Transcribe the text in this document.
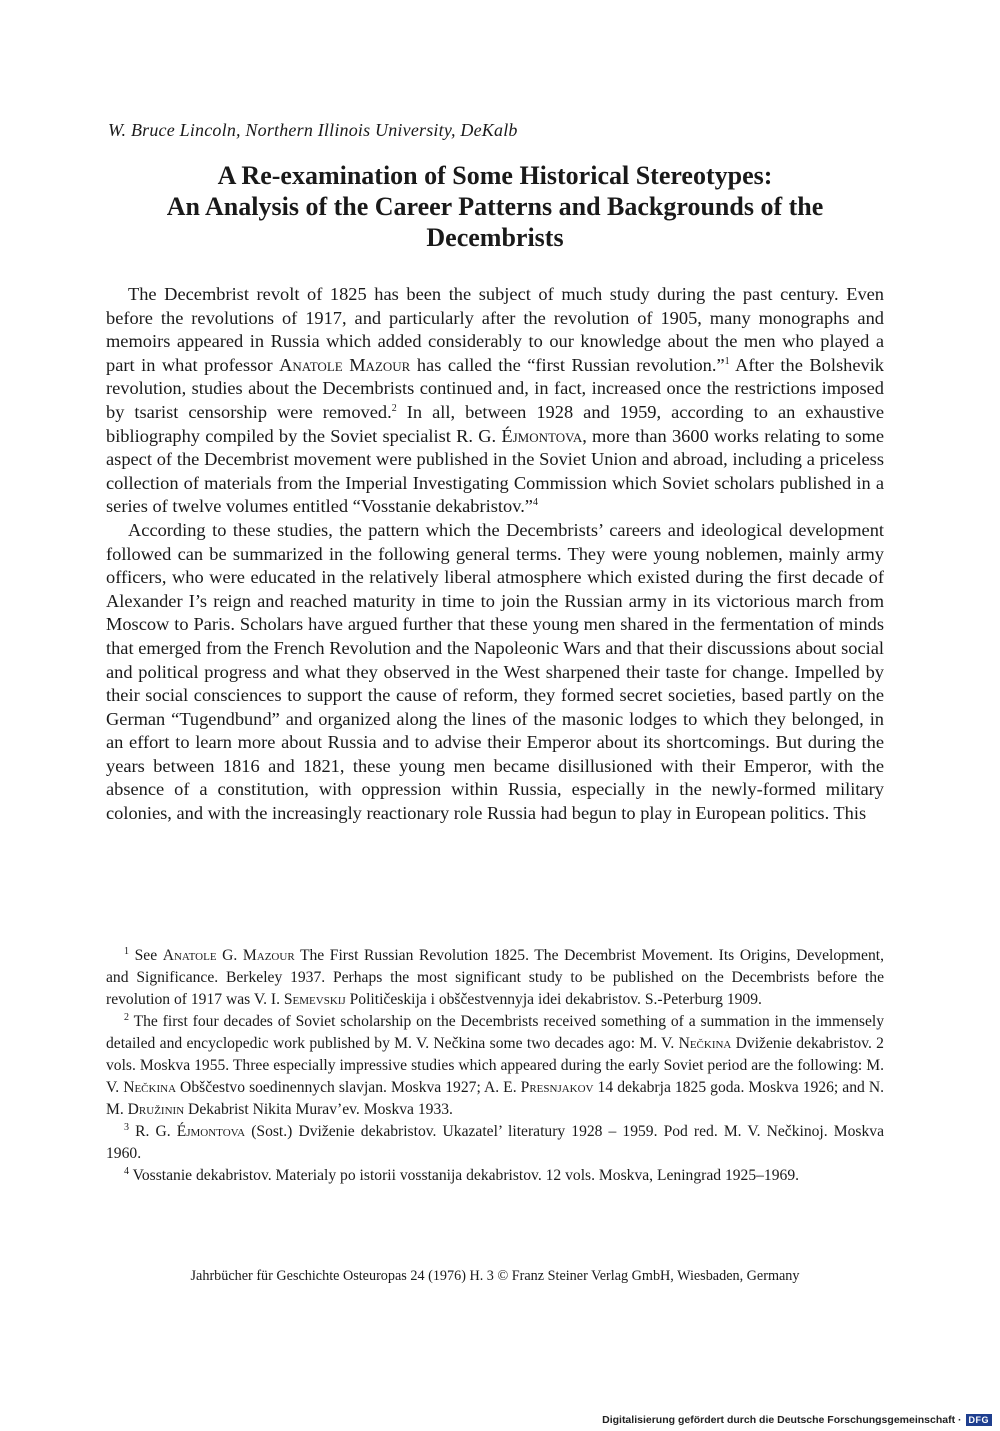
W. Bruce Lincoln, Northern Illinois University, DeKalb
A Re-examination of Some Historical Stereotypes:
An Analysis of the Career Patterns and Backgrounds of the
Decembrists

The Decembrist revolt of 1825 has been the subject of much study during the past century. Even before the revolutions of 1917, and particularly after the revolution of 1905, many monographs and memoirs appeared in Russia which added considerably to our knowledge about the men who played a part in what professor Anatole Mazour has called the “first Russian revolution.”$^1$ After the Bolshevik revolution, studies about the Decembrists continued and, in fact, increased once the restrictions imposed by tsarist censorship were removed.$^2$ In all, between 1928 and 1959, according to an exhaustive bibliography compiled by the Soviet specialist R. G. Éjmontova, more than 3600 works relating to some aspect of the Decembrist movement were published in the Soviet Union and abroad, including a priceless collection of materials from the Imperial Investigating Commission which Soviet scholars published in a series of twelve volumes entitled “Vosstanie dekabristov.”$^4$

According to these studies, the pattern which the Decembrists’ careers and ideological development followed can be summarized in the following general terms. They were young noblemen, mainly army officers, who were educated in the relatively liberal atmosphere which existed during the first decade of Alexander I’s reign and reached maturity in time to join the Russian army in its victorious march from Moscow to Paris. Scholars have argued further that these young men shared in the fermentation of minds that emerged from the French Revolution and the Napoleonic Wars and that their discussions about social and political progress and what they observed in the West sharpened their taste for change. Impelled by their social consciences to support the cause of reform, they formed secret societies, based partly on the German “Tugendbund” and organized along the lines of the masonic lodges to which they belonged, in an effort to learn more about Russia and to advise their Emperor about its shortcomings. But during the years between 1816 and 1821, these young men became disillusioned with their Emperor, with the absence of a constitution, with oppression within Russia, especially in the newly-formed military colonies, and with the increasingly reactionary role Russia had begun to play in European politics. This

$^1$ See Anatole G. Mazour The First Russian Revolution 1825. The Decembrist Movement. Its Origins, Development, and Significance. Berkeley 1937. Perhaps the most significant study to be published on the Decembrists before the revolution of 1917 was V. I. Semevskij Političeskija i obščestvennyja idei dekabristov. S.-Peterburg 1909.

$^2$ The first four decades of Soviet scholarship on the Decembrists received something of a summation in the immensely detailed and encyclopedic work published by M. V. Nečkina some two decades ago: M. V. Nečkina Dviženie dekabristov. 2 vols. Moskva 1955. Three especially impressive studies which appeared during the early Soviet period are the following: M. V. Nečkina Obščestvo soedinennych slavjan. Moskva 1927; A. E. Presnjakov 14 dekabrja 1825 goda. Moskva 1926; and N. M. Družinin Dekabrist Nikita Murav’ev. Moskva 1933.

$^3$ R. G. Éjmontova (Sost.) Dviženie dekabristov. Ukazatel’ literatury 1928 – 1959. Pod red. M. V. Nečkinoj. Moskva 1960.

$^4$ Vosstanie dekabristov. Materialy po istorii vosstanija dekabristov. 12 vols. Moskva, Leningrad 1925–1969.

Jahrbücher für Geschichte Osteuropas 24 (1976) H. 3 © Franz Steiner Verlag GmbH, Wiesbaden, Germany
Digitalisierung gefördert durch die Deutsche Forschungsgemeinschaft · DFG
